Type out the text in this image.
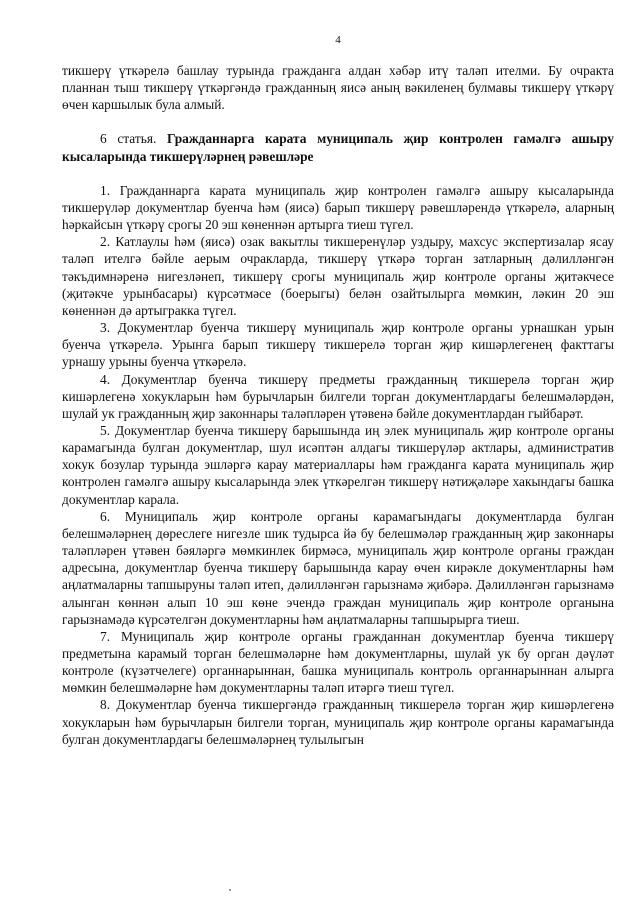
4

тикшерү үткәрелә башлау турында гражданга алдан хәбәр итү таләп ителми. Бу очракта планнан тыш тикшерү үткәргәндә гражданның яисә аның вәкиленең булмавы тикшерү үткәрү өчен каршылык була алмый.

6 статья. Гражданнарга карата муниципаль җир контролен гамәлгә ашыру кысаларында тикшерүләрнең рәвешләре

1. Гражданнарга карата муниципаль җир контролен гамәлгә ашыру кысаларында тикшерүләр документлар буенча һәм (яисә) барып тикшерү рәвешләрендә үткәрелә, аларның һәркайсын үткәрү срогы 20 эш көненнән артырга тиеш түгел.

2. Катлаулы һәм (яисә) озак вакытлы тикшеренүләр уздыру, махсус экспертизалар ясау таләп ителгә бәйле аерым очракларда, тикшерү үткәрә торган затларның дәлилләнгән тәкъдимнәренә нигезләнеп, тикшерү срогы муниципаль җир контроле органы җитәкчесе (җитәкче урынбасары) күрсәтмәсе (боерыгы) белән озайтылырга мөмкин, ләкин 20 эш көненнән дә артыгракка түгел.

3. Документлар буенча тикшерү муниципаль җир контроле органы урнашкан урын буенча үткәрелә. Урынга барып тикшерү тикшерелә торган җир кишәрлегенең факттагы урнашу урыны буенча үткәрелә.

4. Документлар буенча тикшерү предметы гражданның тикшерелә торган җир кишәрлегенә хокукларын һәм бурычларын билгели торган документлардагы белешмәләрдән, шулай ук гражданның җир законнары таләпләрен үтәвенә бәйле документлардан гыйбарәт.

5. Документлар буенча тикшерү барышында иң элек муниципаль җир контроле органы карамагында булган документлар, шул исәптән алдагы тикшерүләр актлары, административ хокук бозулар турында эшләргә карау материаллары һәм гражданга карата муниципаль җир контролен гамәлгә ашыру кысаларында элек үткәрелгән тикшерү нәтиҗәләре хакындагы башка документлар карала.

6. Муниципаль җир контроле органы карамагындагы документларда булган белешмәләрнең дөреслеге нигезле шик тудырса йә бу белешмәләр гражданның җир законнары таләпләрен үтәвен бәяләргә мөмкинлек бирмәсә, муниципаль җир контроле органы граждан адресына, документлар буенча тикшерү барышында карау өчен кирәкле документларны һәм аңлатмаларны тапшыруны таләп итеп, дәлилләнгән гарызнамә җибәрә. Дәлилләнгән гарызнамә алынган көннән алып 10 эш көне эчендә граждан муниципаль җир контроле органына гарызнамәдә күрсәтелгән документларны һәм аңлатмаларны тапшырырга тиеш.

7. Муниципаль җир контроле органы гражданнан документлар буенча тикшерү предметына карамый торган белешмәләрне һәм документларны, шулай ук бу орган дәүләт контроле (күзәтчелеге) органнарыннан, башка муниципаль контроль органнарыннан алырга мөмкин белешмәләрне һәм документларны таләп итәргә тиеш түгел.

8. Документлар буенча тикшергәндә гражданның тикшерелә торган җир кишәрлегенә хокукларын һәм бурычларын билгели торган, муниципаль җир контроле органы карамагында булган документлардагы белешмәләрнең тулылыгын
